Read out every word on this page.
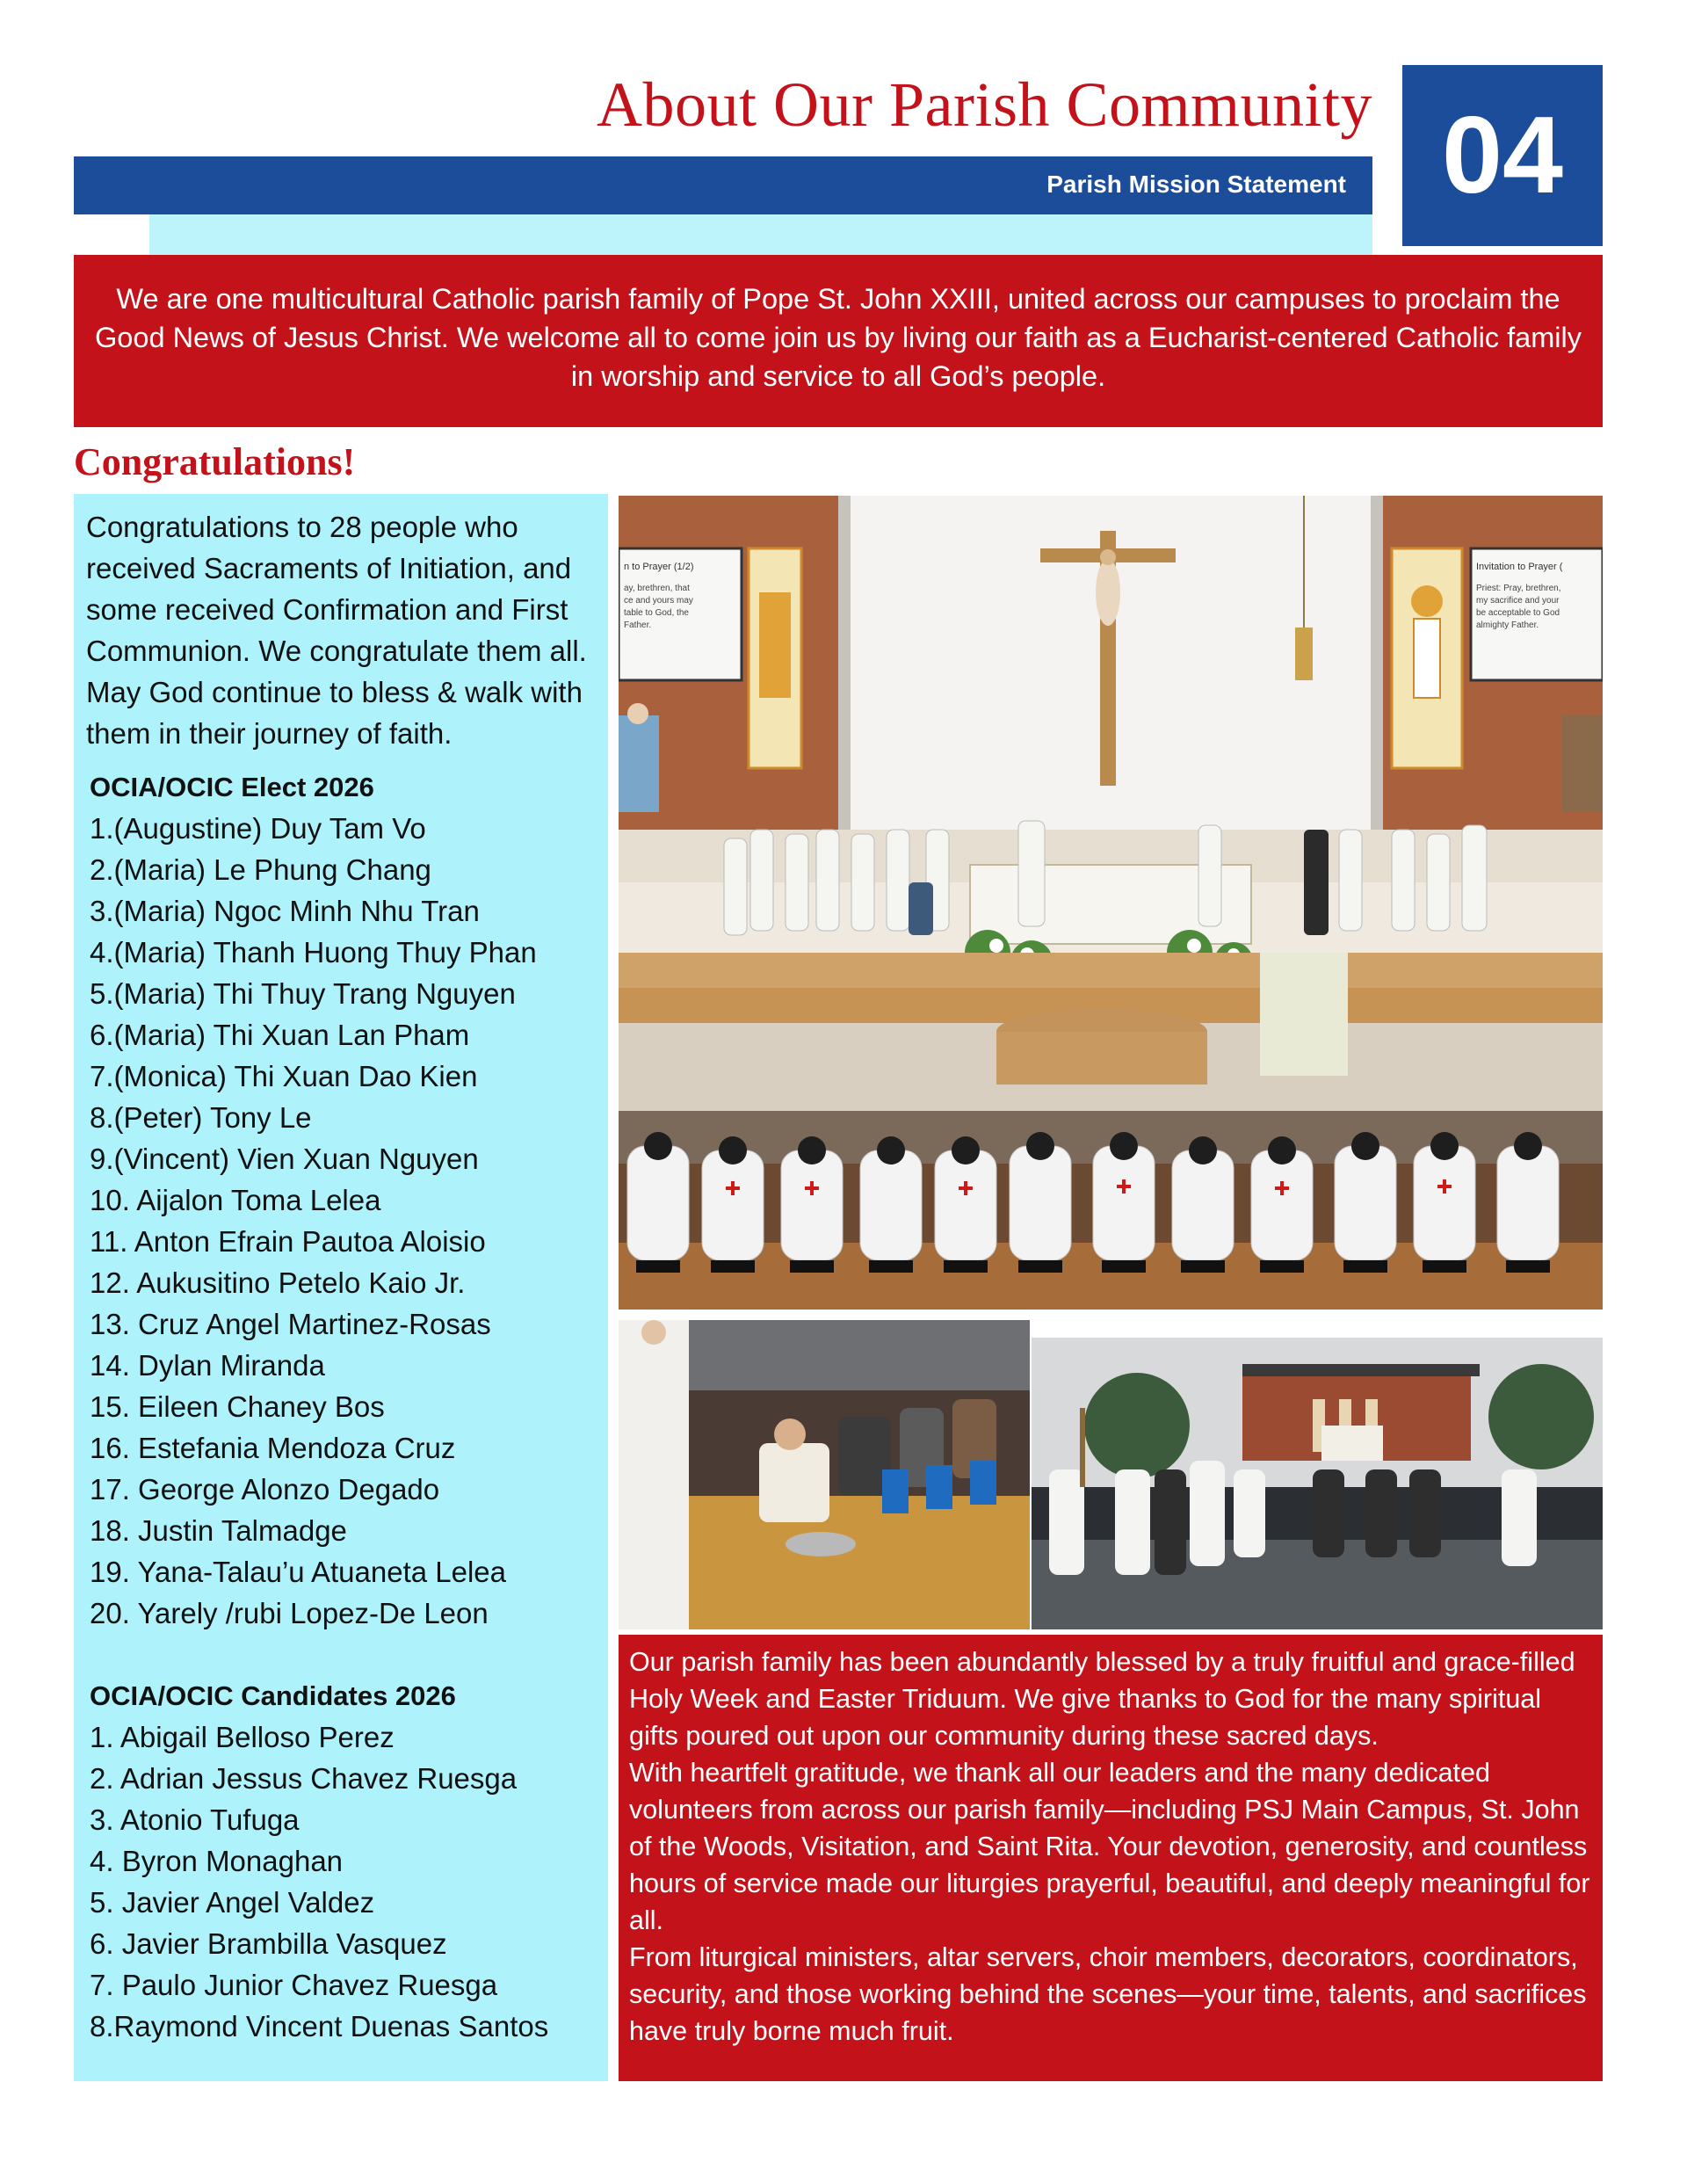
About Our Parish Community
Parish Mission Statement 04
We are one multicultural Catholic parish family of Pope St. John XXIII, united across our campuses to proclaim the Good News of Jesus Christ. We welcome all to come join us by living our faith as a Eucharist-centered Catholic family in worship and service to all God’s people.
Congratulations!
Congratulations to 28 people who received Sacraments of Initiation, and some received Confirmation and First Communion. We congratulate them all. May God continue to bless & walk with them in their journey of faith.
OCIA/OCIC Elect 2026
1.(Augustine) Duy Tam Vo
2.(Maria) Le Phung Chang
3.(Maria) Ngoc Minh Nhu Tran
4.(Maria) Thanh Huong Thuy Phan
5.(Maria) Thi Thuy Trang Nguyen
6.(Maria) Thi Xuan Lan Pham
7.(Monica) Thi Xuan Dao Kien
8.(Peter) Tony Le
9.(Vincent) Vien Xuan Nguyen
10. Aijalon Toma Lelea
11. Anton Efrain Pautoa Aloisio
12. Aukusitino Petelo Kaio Jr.
13. Cruz Angel Martinez-Rosas
14. Dylan Miranda
15. Eileen Chaney Bos
16. Estefania Mendoza Cruz
17. George Alonzo Degado
18. Justin Talmadge
19. Yana-Talau’u Atuaneta Lelea
20. Yarely /rubi Lopez-De Leon
OCIA/OCIC Candidates 2026
1. Abigail Belloso Perez
2. Adrian Jessus Chavez Ruesga
3. Atonio Tufuga
4. Byron Monaghan
5. Javier Angel Valdez
6. Javier Brambilla Vasquez
7. Paulo Junior Chavez Ruesga
8.Raymond Vincent Duenas Santos
n to Prayer (1/2)
ay, brethren, that
ce and yours may
table to God, the
Father.
Invitation to Prayer (
Priest: Pray, brethren,
my sacrifice and your
be acceptable to God
almighty Father.

Our parish family has been abundantly blessed by a truly fruitful and grace-filled Holy Week and Easter Triduum. We give thanks to God for the many spiritual gifts poured out upon our community during these sacred days.

With heartfelt gratitude, we thank all our leaders and the many dedicated volunteers from across our parish family—including PSJ Main Campus, St. John of the Woods, Visitation, and Saint Rita. Your devotion, generosity, and countless hours of service made our liturgies prayerful, beautiful, and deeply meaningful for all.

From liturgical ministers, altar servers, choir members, decorators, coordinators, security, and those working behind the scenes—your time, talents, and sacrifices have truly borne much fruit.
